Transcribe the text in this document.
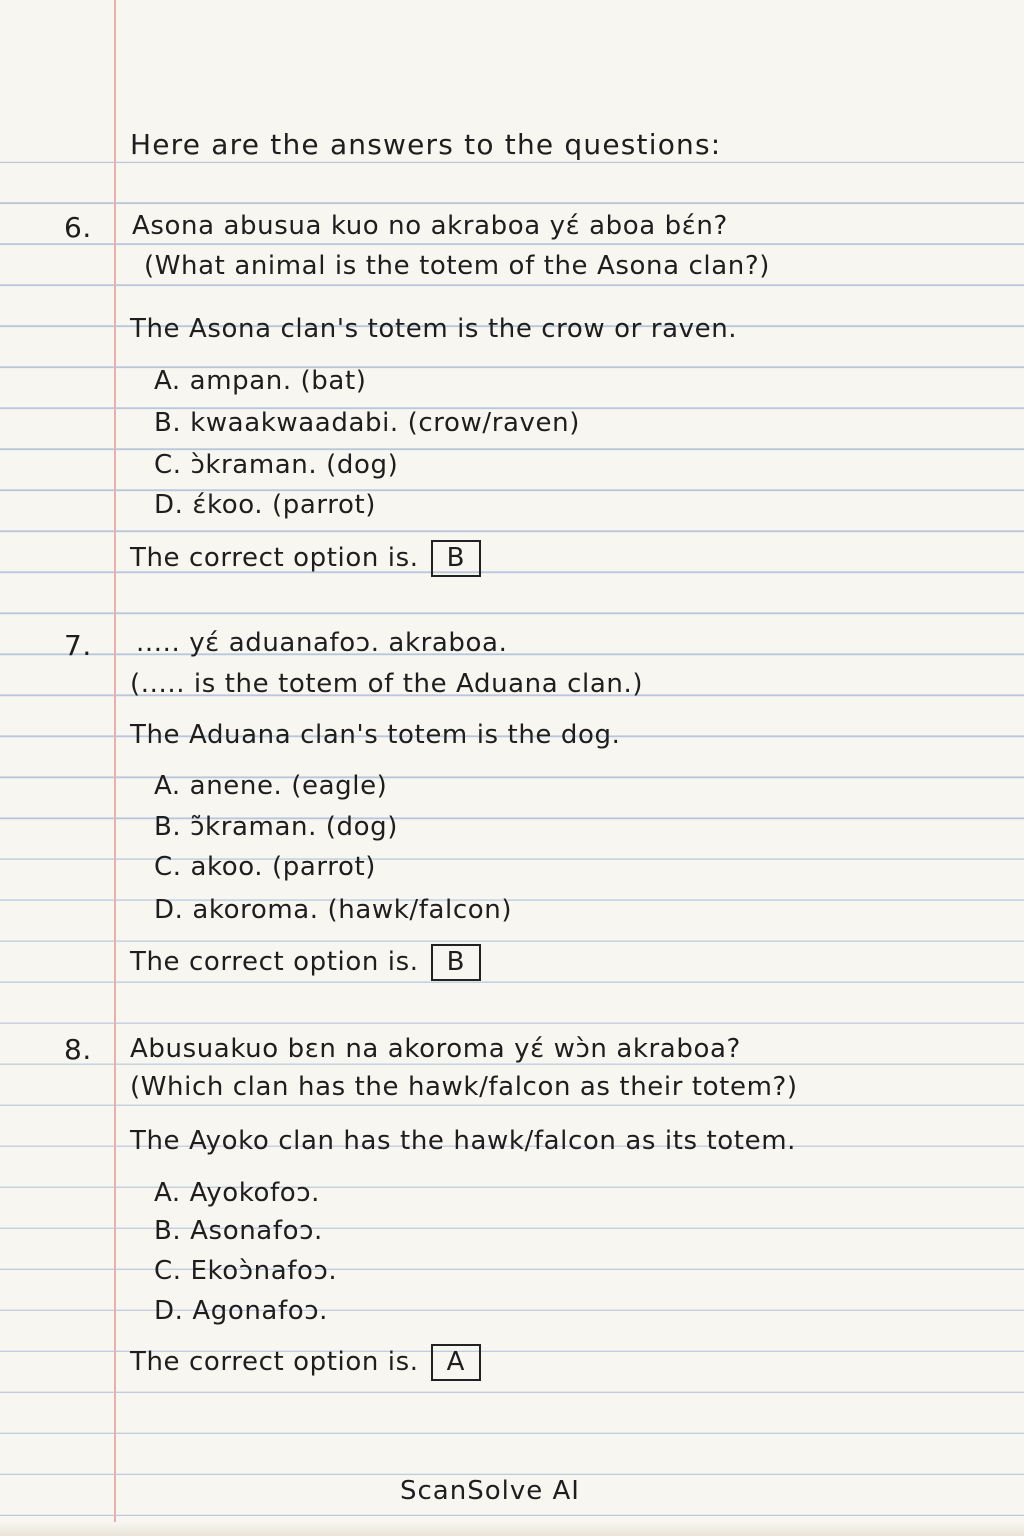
Here are the answers to the questions:
6. Asona abusua kuo no akraboa yɛ́ aboa bɛ́n?
(What animal is the totem of the Asona clan?)
The Asona clan's totem is the crow or raven.
A. ampan. (bat)
B. kwaakwaadabi. (crow/raven)
C. ɔ̀kraman. (dog)
D. ɛ́koo. (parrot)
The correct option is. B
7. ..... yɛ́ aduanafoɔ. akraboa.
(..... is the totem of the Aduana clan.)
The Aduana clan's totem is the dog.
A. anene. (eagle)
B. ɔ̃kraman. (dog)
C. akoo. (parrot)
D. akoroma. (hawk/falcon)
The correct option is. B
8. Abusuakuo bɛn na akoroma yɛ́ wɔ̀n akraboa?
(Which clan has the hawk/falcon as their totem?)
The Ayoko clan has the hawk/falcon as its totem.
A. Ayokofoɔ.
B. Asonafoɔ.
C. Ekoɔ̀nafoɔ.
D. Agonafoɔ.
The correct option is. A
ScanSolve AI
